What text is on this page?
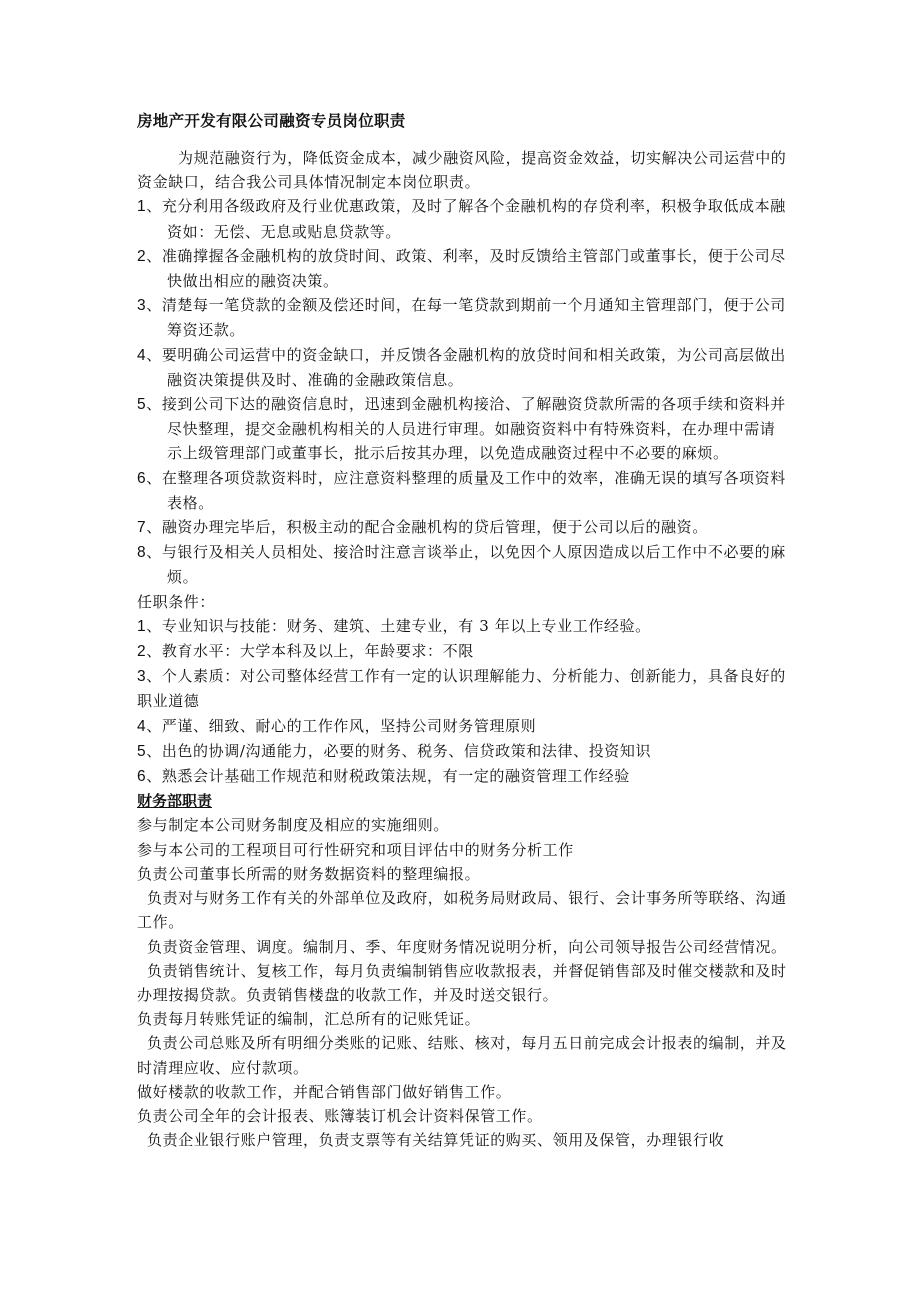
房地产开发有限公司融资专员岗位职责
为规范融资行为，降低资金成本，减少融资风险，提高资金效益，切实解决公司运营中的资金缺口，结合我公司具体情况制定本岗位职责。
1、充分利用各级政府及行业优惠政策，及时了解各个金融机构的存贷利率，积极争取低成本融资如：无偿、无息或贴息贷款等。
2、准确撑握各金融机构的放贷时间、政策、利率，及时反馈给主管部门或董事长，便于公司尽快做出相应的融资决策。
3、清楚每一笔贷款的金额及偿还时间，在每一笔贷款到期前一个月通知主管理部门，便于公司筹资还款。
4、要明确公司运营中的资金缺口，并反馈各金融机构的放贷时间和相关政策，为公司高层做出融资决策提供及时、准确的金融政策信息。
5、接到公司下达的融资信息时，迅速到金融机构接洽、了解融资贷款所需的各项手续和资料并尽快整理，提交金融机构相关的人员进行审理。如融资资料中有特殊资料，在办理中需请示上级管理部门或董事长，批示后按其办理，以免造成融资过程中不必要的麻烦。
6、在整理各项贷款资料时，应注意资料整理的质量及工作中的效率，准确无误的填写各项资料表格。
7、融资办理完毕后，积极主动的配合金融机构的贷后管理，便于公司以后的融资。
8、与银行及相关人员相处、接洽时注意言谈举止，以免因个人原因造成以后工作中不必要的麻烦。
任职条件：
1、专业知识与技能：财务、建筑、土建专业，有 3 年以上专业工作经验。
2、教育水平：大学本科及以上，年龄要求：不限
3、个人素质：对公司整体经营工作有一定的认识理解能力、分析能力、创新能力，具备良好的职业道德
4、严谨、细致、耐心的工作作风，坚持公司财务管理原则
5、出色的协调/沟通能力，必要的财务、税务、信贷政策和法律、投资知识
6、熟悉会计基础工作规范和财税政策法规，有一定的融资管理工作经验
财务部职责
参与制定本公司财务制度及相应的实施细则。
参与本公司的工程项目可行性研究和项目评估中的财务分析工作
负责公司董事长所需的财务数据资料的整理编报。
负责对与财务工作有关的外部单位及政府，如税务局财政局、银行、会计事务所等联络、沟通工作。
负责资金管理、调度。编制月、季、年度财务情况说明分析，向公司领导报告公司经营情况。
负责销售统计、复核工作，每月负责编制销售应收款报表，并督促销售部及时催交楼款和及时办理按揭贷款。负责销售楼盘的收款工作，并及时送交银行。
负责每月转账凭证的编制，汇总所有的记账凭证。
负责公司总账及所有明细分类账的记账、结账、核对，每月五日前完成会计报表的编制，并及时清理应收、应付款项。
做好楼款的收款工作，并配合销售部门做好销售工作。
负责公司全年的会计报表、账簿装订机会计资料保管工作。
负责企业银行账户管理，负责支票等有关结算凭证的购买、领用及保管，办理银行收
